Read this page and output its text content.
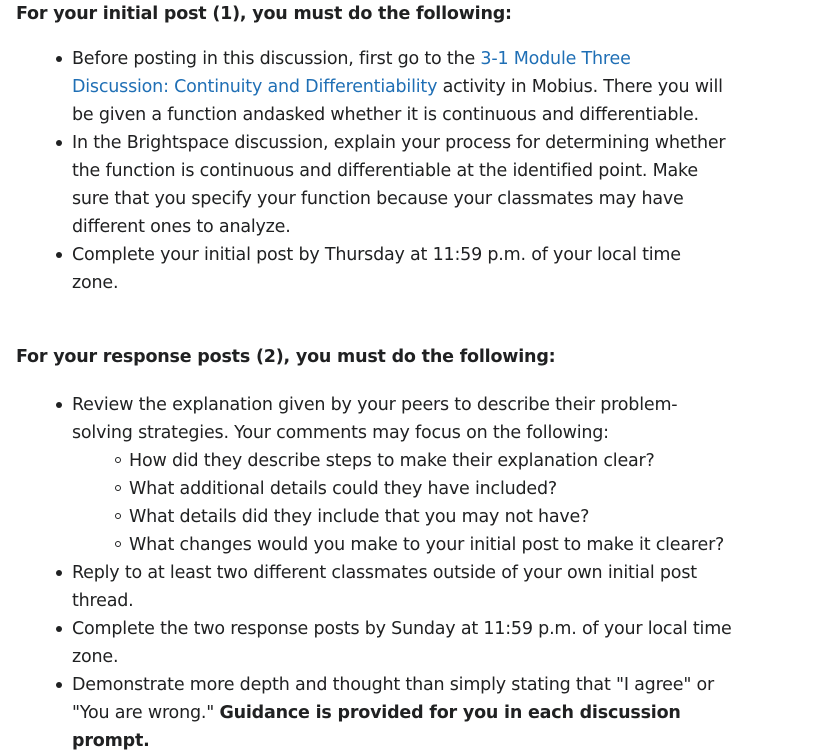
For your initial post (1), you must do the following:
Before posting in this discussion, first go to the 3-1 Module Three Discussion: Continuity and Differentiability activity in Mobius. There you will be given a function andasked whether it is continuous and differentiable.
In the Brightspace discussion, explain your process for determining whether the function is continuous and differentiable at the identified point. Make sure that you specify your function because your classmates may have different ones to analyze.
Complete your initial post by Thursday at 11:59 p.m. of your local time zone.
For your response posts (2), you must do the following:
Review the explanation given by your peers to describe their problem-solving strategies. Your comments may focus on the following:
How did they describe steps to make their explanation clear?
What additional details could they have included?
What details did they include that you may not have?
What changes would you make to your initial post to make it clearer?
Reply to at least two different classmates outside of your own initial post thread.
Complete the two response posts by Sunday at 11:59 p.m. of your local time zone.
Demonstrate more depth and thought than simply stating that "I agree" or "You are wrong." Guidance is provided for you in each discussion prompt.
